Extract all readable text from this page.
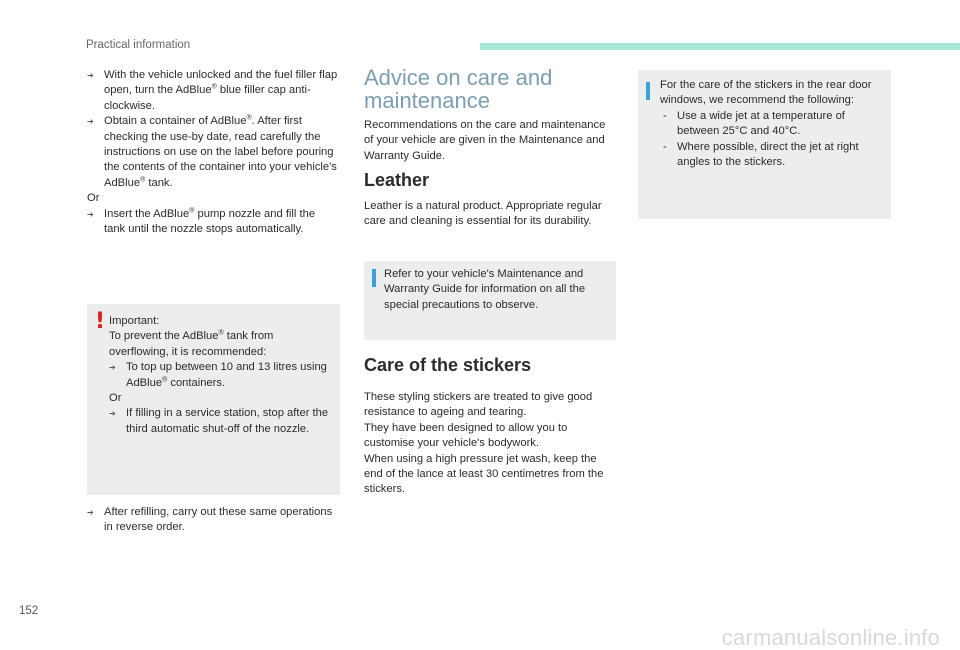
Practical information

➔ With the vehicle unlocked and the fuel filler flap open, turn the AdBlue® blue filler cap anti-clockwise.

➔ Obtain a container of AdBlue®. After first checking the use-by date, read carefully the instructions on use on the label before pouring the contents of the container into your vehicle's AdBlue® tank.

Or

➔ Insert the AdBlue® pump nozzle and fill the tank until the nozzle stops automatically.

! Important:

To prevent the AdBlue® tank from overflowing, it is recommended:

➔ To top up between 10 and 13 litres using AdBlue® containers.

Or

➔ If filling in a service station, stop after the third automatic shut-off of the nozzle.

➔ After refilling, carry out these same operations in reverse order.

Advice on care and maintenance

Recommendations on the care and maintenance of your vehicle are given in the Maintenance and Warranty Guide.

Leather

Leather is a natural product. Appropriate regular care and cleaning is essential for its durability.

Refer to your vehicle's Maintenance and Warranty Guide for information on all the special precautions to observe.

Care of the stickers

These styling stickers are treated to give good resistance to ageing and tearing.

They have been designed to allow you to customise your vehicle's bodywork.

When using a high pressure jet wash, keep the end of the lance at least 30 centimetres from the stickers.

For the care of the stickers in the rear door windows, we recommend the following:

- Use a wide jet at a temperature of between 25°C and 40°C.

- Where possible, direct the jet at right angles to the stickers.

152
carmanualsonline.info
